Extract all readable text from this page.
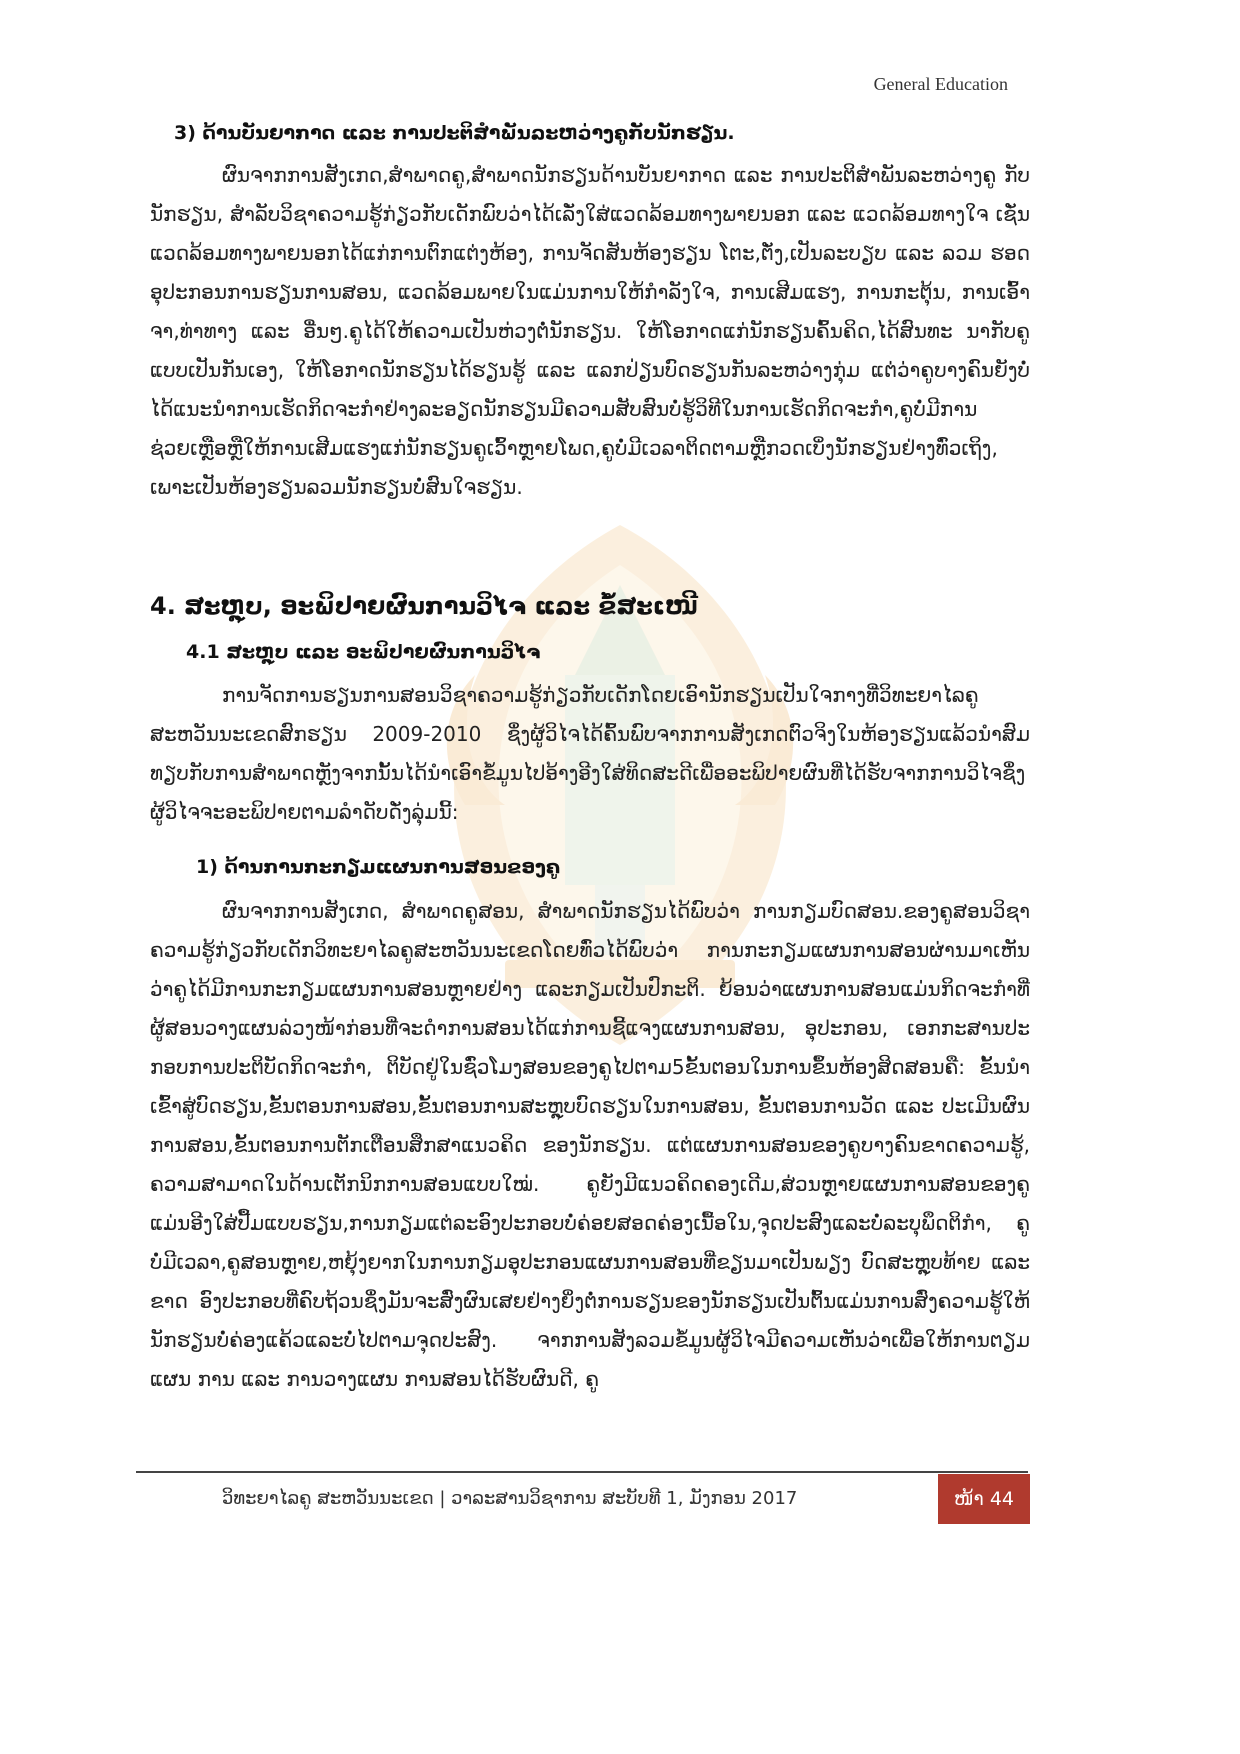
General Education
3) ດ້ານບັນຍາກາດ ແລະ ການປະຕິສຳພັນລະຫວ່າງຄູກັບນັກຮຽນ.

ຜົນຈາກການສັງເກດ,ສຳພາດຄູ,ສຳພາດນັກຮຽນດ້ານບັນຍາກາດ ແລະ ການປະຕິສຳພັນລະຫວ່າງຄູ ກັບນັກຮຽນ, ສຳລັບວິຊາຄວາມຮູ້ກ່ຽວກັບເດັກພົບວ່າໄດ້ເລັ່ງໃສ່ແວດລ້ອມທາງພາຍນອກ ແລະ ແວດລ້ອມທາງໃຈ ເຊັ່ນ ແວດລ້ອມທາງພາຍນອກໄດ້ແກ່ການຕົກແຕ່ງຫ້ອງ, ການຈັດສັນຫ້ອງຮຽນ ໂຕະ,ຕັ່ງ,ເປັນລະບຽບ ແລະ ລວມ ຮອດອຸປະກອນການຮຽນການສອນ, ແວດລ້ອມພາຍໃນແມ່ນການໃຫ້ກຳລັງໃຈ, ການເສີມແຮງ, ການກະຕຸ້ນ, ການເອົ້າຈາ,ທ່າທາງ ແລະ ອື່ນໆ.ຄູໄດ້ໃຫ້ຄວາມເປັນຫ່ວງຕໍ່ນັກຮຽນ. ໃຫ້ໂອກາດແກ່ນັກຮຽນຄົ້ນຄິດ,ໄດ້ສົນທະ ນາກັບຄູແບບເປັນກັນເອງ, ໃຫ້ໂອກາດນັກຮຽນໄດ້ຮຽນຮູ້ ແລະ ແລກປ່ຽນບົດຮຽນກັນລະຫວ່າງກຸ່ມ ແຕ່ວ່າຄູບາງຄົນຍັງບໍ່ໄດ້ແນະນຳການເຮັດກິດຈະກຳຢ່າງລະອຽດນັກຮຽນມີຄວາມສັບສົນບໍ່ຮູ້ວິທີໃນການເຮັດກິດຈະກຳ,ຄູບໍ່ມີການຊ່ວຍເຫຼືອຫຼືໃຫ້ການເສີມແຮງແກ່ນັກຮຽນຄູເວົ້າຫຼາຍໂພດ,ຄູບໍ່ມີເວລາຕິດຕາມຫຼືກວດເບິ່ງນັກຮຽນຢ່າງທົ່ວເຖິງ, ເພາະເປັນຫ້ອງຮຽນລວມນັກຮຽນບໍ່ສົນໃຈຮຽນ.

4. ສະຫຼຸບ, ອະພິປາຍຜົນການວິໄຈ ແລະ ຂໍ້ສະເໜີ
4.1 ສະຫຼຸບ ແລະ ອະພິປາຍຜົນການວິໄຈ

ການຈັດການຮຽນການສອນວິຊາຄວາມຮູ້ກ່ຽວກັບເດັກໂດຍເອົານັກຮຽນເປັນໃຈກາງທີ່ວິທະຍາໄລຄູ ສະຫວັນນະເຂດສົກຮຽນ 2009-2010 ຊຶ່ງຜູ້ວິໄຈໄດ້ຄົ້ນພົບຈາກການສັງເກດຕົວຈິງໃນຫ້ອງຮຽນແລ້ວນຳສົມ ທຽບກັບການສຳພາດຫຼັງຈາກນັ້ນໄດ້ນຳເອົາຂໍ້ມູນໄປອ້າງອີງໃສ່ທິດສະດີເພື່ອອະພິປາຍຜົນທີ່ໄດ້ຮັບຈາກການວິໄຈຊຶ່ງຜູ້ວິໄຈຈະອະພິປາຍຕາມລຳດັບດັ່ງລຸ່ມນີ້:

1) ດ້ານການກະກຽມແຜນການສອນຂອງຄູ

ຜົນຈາກການສັງເກດ, ສຳພາດຄູສອນ, ສຳພາດນັກຮຽນໄດ້ພົບວ່າ ການກຽມບົດສອນ.ຂອງຄູສອນວິຊາຄວາມຮູ້ກ່ຽວກັບເດັກວິທະຍາໄລຄູສະຫວັນນະເຂດໂດຍທົ່ວໄດ້ພົບວ່າ ການກະກຽມແຜນການສອນຜ່ານມາເຫັນ ວ່າຄູໄດ້ມີການກະກຽມແຜນການສອນຫຼາຍຢ່າງ ແລະກຽມເປັນປົກະຕິ. ຍ້ອນວ່າແຜນການສອນແມ່ນກິດຈະກຳທີ່ຜູ້ສອນວາງແຜນລ່ວງໜ້າກ່ອນທີ່ຈະດຳການສອນໄດ້ແກ່ການຊີ້ແຈງແຜນການສອນ, ອຸປະກອນ, ເອກກະສານປະ ກອບການປະຕິບັດກິດຈະກຳ, ຕິບັດຢູ່ໃນຊົ່ວໂມງສອນຂອງຄູໄປຕາມ5ຂັ້ນຕອນໃນການຂຶ້ນຫ້ອງສິດສອນຄື: ຂັ້ນນຳເຂົ້າສູ່ບົດຮຽນ,ຂັ້ນຕອນການສອນ,ຂັ້ນຕອນການສະຫຼຸບບົດຮຽນໃນການສອນ, ຂັ້ນຕອນການວັດ ແລະ ປະເມີນຜົນການສອນ,ຂັ້ນຕອນການຕັກເຕືອນສຶກສາແນວຄິດ ຂອງນັກຮຽນ. ແຕ່ແຜນການສອນຂອງຄູບາງຄົນຂາດຄວາມຮູ້, ຄວາມສາມາດໃນດ້ານເຕັກນິກການສອນແບບໃໝ່. ຄູຍັງມີແນວຄິດຄອງເດີມ,ສ່ວນຫຼາຍແຜນການສອນຂອງຄູ ແມ່ນອີງໃສ່ປື້ມແບບຮຽນ,ການກຽມແຕ່ລະອົງປະກອບບໍ່ຄ່ອຍສອດຄ່ອງເນື້ອໃນ,ຈຸດປະສົງແລະບໍ່ລະບຸພຶດຕິກຳ, ຄູບໍ່ມີເວລາ,ຄູສອນຫຼາຍ,ຫຍຸ້ງຍາກໃນການກຽມອຸປະກອນແຜນການສອນທີ່ຂຽນມາເປັນພຽງ ບົດສະຫຼຸບທ້າຍ ແລະ ຂາດ ອົງປະກອບທີ່ຄົບຖ້ວນຊຶ່ງມັນຈະສົ່ງຜົນເສຍຢ່າງຍິ່ງຕໍ່ການຮຽນຂອງນັກຮຽນເປັນຕົ້ນແມ່ນການສົ່ງຄວາມຮູ້ໃຫ້ນັກຮຽນບໍ່ຄ່ອງແຄ້ວແລະບໍ່ໄປຕາມຈຸດປະສົງ. ຈາກການສັງລວມຂໍ້ມູນຜູ້ວິໄຈມີຄວາມເຫັນວ່າເພື່ອໃຫ້ການຕຽມແຜນ ການ ແລະ ການວາງແຜນ ການສອນໄດ້ຮັບຜົນດີ, ຄູ

ວິທະຍາໄລຄູ ສະຫວັນນະເຂດ | ວາລະສານວິຊາການ ສະບັບທີ 1, ມັງກອນ 2017	ໜ້າ 44
